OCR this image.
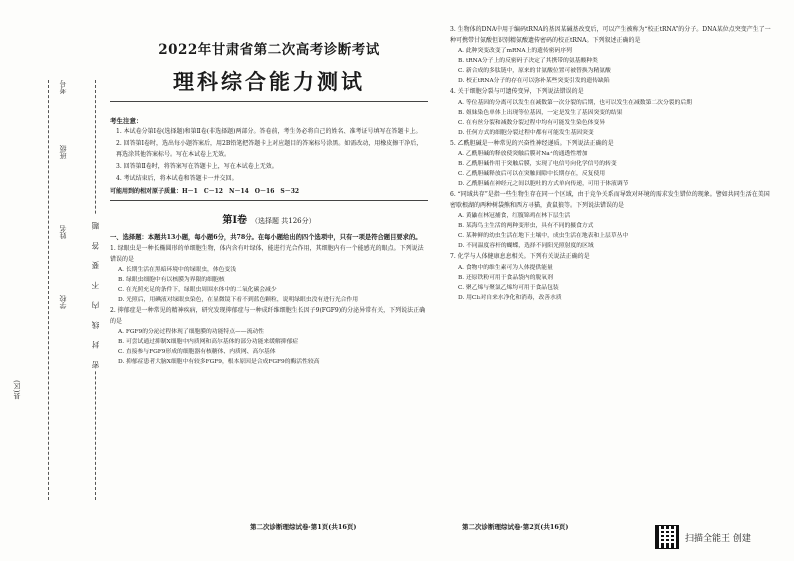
考号
班级
姓名
学校
县(区)
密 封 线 内 不 要 答 题
2022年甘肃省第二次高考诊断考试
理科综合能力测试
考生注意：
1. 本试卷分第Ⅰ卷(选择题)和第Ⅱ卷(非选择题)两部分。答卷前，考生务必将自己的姓名、准考证号填写在答题卡上。
2. 回答第Ⅰ卷时，选出每小题答案后，用2B铅笔把答题卡上对应题目的答案标号涂黑。如需改动，用橡皮擦干净后，再选涂其他答案标号。写在本试卷上无效。
3. 回答第Ⅱ卷时，将答案写在答题卡上，写在本试卷上无效。
4. 考试结束后，将本试卷和答题卡一并交回。
可能用到的相对原子质量：H－1　C－12　N－14　O－16　S－32
第Ⅰ卷 （选择题 共126分）
一、选择题：本题共13小题，每小题6分，共78分。在每小题给出的四个选项中，只有一项是符合题目要求的。
1. 绿眼虫是一种长椭圆形的单细胞生物，体内含有叶绿体，能进行光合作用，其细胞内有一个能感光的眼点。下列说法错误的是
A. 长期生活在黑暗环境中的绿眼虫，体色变浅
B. 绿眼虫细胞中有以核膜为界限的细胞核
C. 在光照充足的条件下，绿眼虫周围水体中的二氧化碳会减少
D. 光照后，用碘液对绿眼虫染色，在显微镜下看不到蓝色颗粒，说明绿眼虫没有进行光合作用
2. 抑郁症是一种常见的精神疾病，研究发现抑郁症与一种成纤维细胞生长因子9(FGF9)的分泌异常有关，下列说法正确的是
A. FGF9的分泌过程体现了细胞膜的功能特点——流动性
B. 可尝试通过抑制X细胞中内质网和高尔基体的部分功能来缓解抑郁症
C. 直接参与FGF9形成的细胞器有核糖体、内质网、高尔基体
D. 抑郁症患者大脑X细胞中有较多FGF9，根本原因是合成FGF9的酶活性较高
第二次诊断理综试卷·第1页(共16页)
3. 生物体的DNA中用于编码tRNA的基因某碱基改变后，可以产生被称为“校正tRNA”的分子。DNA某位点突变产生了一种可携带甘氨酸但识别精氨酸遗传密码的校正tRNA。下列叙述正确的是
A. 此种突变改变了mRNA上的遗传密码序列
B. tRNA分子上的反密码子决定了其携带的氨基酸种类
C. 新合成的多肽链中，原来的甘氨酸位置可被替换为精氨酸
D. 校正tRNA分子的存在可以弥补某些突变引发的遗传缺陷
4. 关于细胞分裂与可遗传变异，下列说法错误的是
A. 等位基因的分离可以发生在减数第一次分裂的后期，也可以发生在减数第二次分裂的后期
B. 姐妹染色单体上出现等位基因，一定是发生了基因突变的结果
C. 在有丝分裂和减数分裂过程中均有可能发生染色体变异
D. 任何方式的细胞分裂过程中都有可能发生基因突变
5. 乙酰胆碱是一种常见的兴奋性神经递质。下列说法正确的是
A. 乙酰胆碱的释放使突触后膜对Na⁺的通透性增加
B. 乙酰胆碱作用于突触后膜，实现了电信号向化学信号的转变
C. 乙酰胆碱释放后可以在突触间隙中长期存在，反复使用
D. 乙酰胆碱在神经元之间以胞吐的方式单向传递，可用于体液调节
6. “同域共存”是指一些生物生存在同一个区域，由于竞争关系而导致对环境的需求发生错位的现象。譬如共同生活在美国密歇根湖的两种树袋熊和西方寻猫，黄鼠狼等。下列说法错误的是
A. 黄鼬在林冠捕食，红腹锦鸡在林下层生活
B. 某海鸟主生活的两种变形虫，具有不同的摄食方式
C. 某种鲜的幼虫生活在地下土壤中，成虫生活在地表和上层草丛中
D. 不同温度容杆的蝴蝶，选择不同阳光照射度的区域
7. 化学与人体健康息息相关。下列有关说法正确的是
A. 食物中的维生素可为人体提供能量
B. 还原铁粉可用于食品袋内的脱氧剂
C. 聚乙烯与聚氯乙烯均可用于食品包装
D. 用Cl₂对自来水净化和消毒，改善水质
第二次诊断理综试卷·第2页(共16页)
扫描全能王 创建
